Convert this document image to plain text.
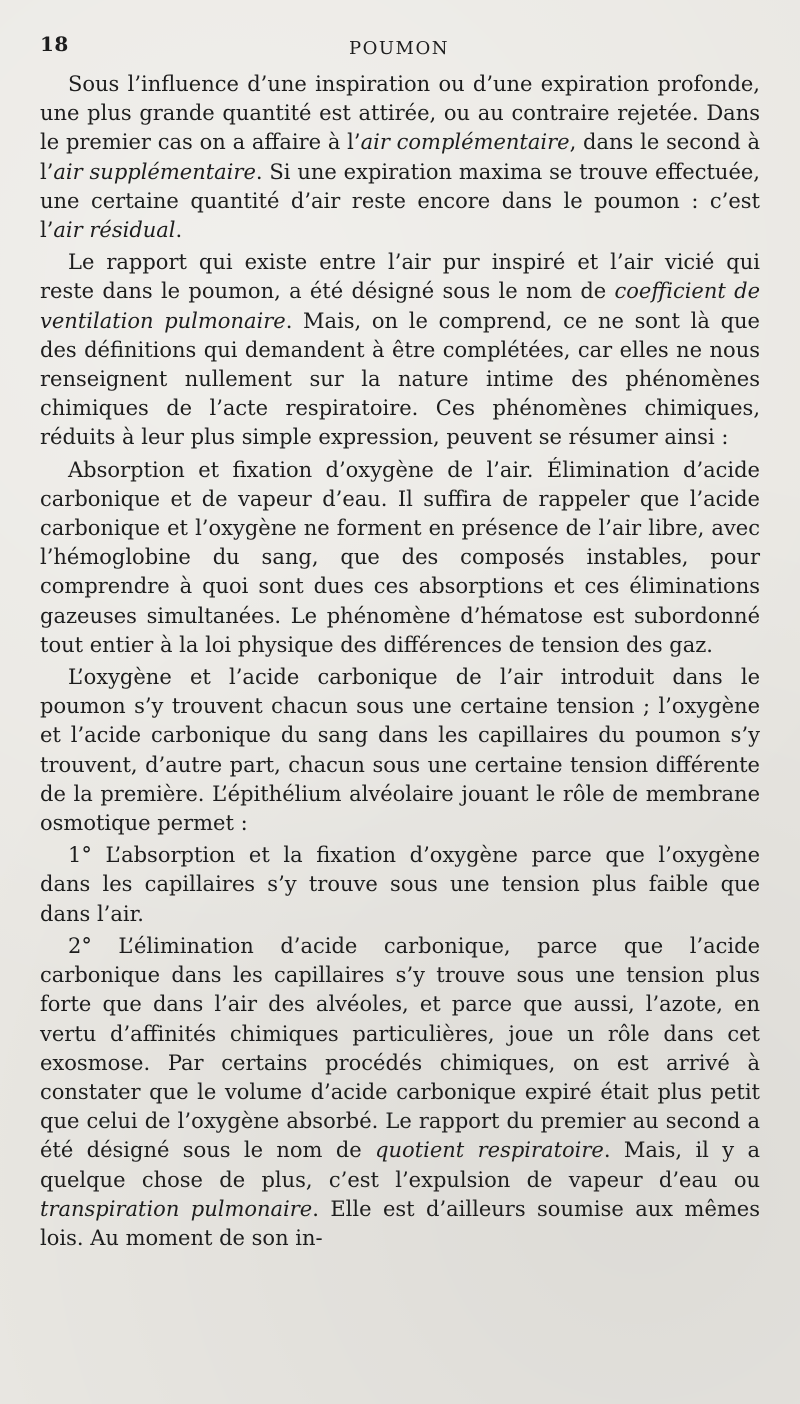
18	POUMON

Sous l’influence d’une inspiration ou d’une expiration profonde, une plus grande quantité est attirée, ou au contraire rejetée. Dans le premier cas on a affaire à l’air complémentaire, dans le second à l’air supplémentaire. Si une expiration maxima se trouve effectuée, une certaine quantité d’air reste encore dans le poumon : c’est l’air résidual.

Le rapport qui existe entre l’air pur inspiré et l’air vicié qui reste dans le poumon, a été désigné sous le nom de coefficient de ventilation pulmonaire. Mais, on le comprend, ce ne sont là que des définitions qui demandent à être complétées, car elles ne nous renseignent nullement sur la nature intime des phénomènes chimiques de l’acte respiratoire. Ces phénomènes chimiques, réduits à leur plus simple expression, peuvent se résumer ainsi :

Absorption et fixation d’oxygène de l’air. Élimination d’acide carbonique et de vapeur d’eau. Il suffira de rappeler que l’acide carbonique et l’oxygène ne forment en présence de l’air libre, avec l’hémoglobine du sang, que des composés instables, pour comprendre à quoi sont dues ces absorptions et ces éliminations gazeuses simultanées. Le phénomène d’hématose est subordonné tout entier à la loi physique des différences de tension des gaz.

L’oxygène et l’acide carbonique de l’air introduit dans le poumon s’y trouvent chacun sous une certaine tension ; l’oxygène et l’acide carbonique du sang dans les capillaires du poumon s’y trouvent, d’autre part, chacun sous une certaine tension différente de la première. L’épithélium alvéolaire jouant le rôle de membrane osmotique permet :

1° L’absorption et la fixation d’oxygène parce que l’oxygène dans les capillaires s’y trouve sous une tension plus faible que dans l’air.

2° L’élimination d’acide carbonique, parce que l’acide carbonique dans les capillaires s’y trouve sous une tension plus forte que dans l’air des alvéoles, et parce que aussi, l’azote, en vertu d’affinités chimiques particulières, joue un rôle dans cet exosmose. Par certains procédés chimiques, on est arrivé à constater que le volume d’acide carbonique expiré était plus petit que celui de l’oxygène absorbé. Le rapport du premier au second a été désigné sous le nom de quotient respiratoire. Mais, il y a quelque chose de plus, c’est l’expulsion de vapeur d’eau ou transpiration pulmonaire. Elle est d’ailleurs soumise aux mêmes lois. Au moment de son in-
